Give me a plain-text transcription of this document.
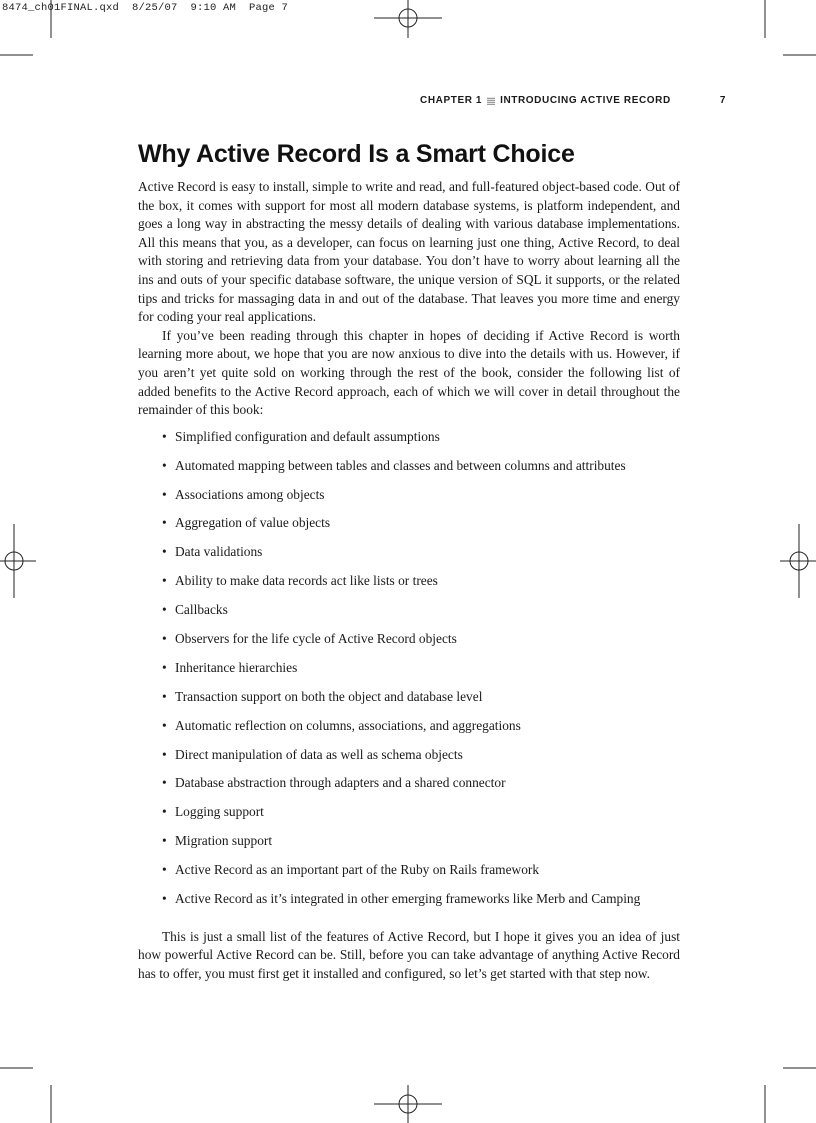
8474_ch01FINAL.qxd  8/25/07  9:10 AM  Page 7
CHAPTER 1 INTRODUCING ACTIVE RECORD	7
Why Active Record Is a Smart Choice

Active Record is easy to install, simple to write and read, and full-featured object-based code. Out of the box, it comes with support for most all modern database systems, is platform independent, and goes a long way in abstracting the messy details of dealing with various database implementations. All this means that you, as a developer, can focus on learning just one thing, Active Record, to deal with storing and retrieving data from your database. You don’t have to worry about learning all the ins and outs of your specific database software, the unique version of SQL it supports, or the related tips and tricks for massaging data in and out of the database. That leaves you more time and energy for coding your real applications.

If you’ve been reading through this chapter in hopes of deciding if Active Record is worth learning more about, we hope that you are now anxious to dive into the details with us. However, if you aren’t yet quite sold on working through the rest of the book, consider the following list of added benefits to the Active Record approach, each of which we will cover in detail throughout the remainder of this book:

• Simplified configuration and default assumptions
• Automated mapping between tables and classes and between columns and attributes
• Associations among objects
• Aggregation of value objects
• Data validations
• Ability to make data records act like lists or trees
• Callbacks
• Observers for the life cycle of Active Record objects
• Inheritance hierarchies
• Transaction support on both the object and database level
• Automatic reflection on columns, associations, and aggregations
• Direct manipulation of data as well as schema objects
• Database abstraction through adapters and a shared connector
• Logging support
• Migration support
• Active Record as an important part of the Ruby on Rails framework
• Active Record as it’s integrated in other emerging frameworks like Merb and Camping

This is just a small list of the features of Active Record, but I hope it gives you an idea of just how powerful Active Record can be. Still, before you can take advantage of anything Active Record has to offer, you must first get it installed and configured, so let’s get started with that step now.
